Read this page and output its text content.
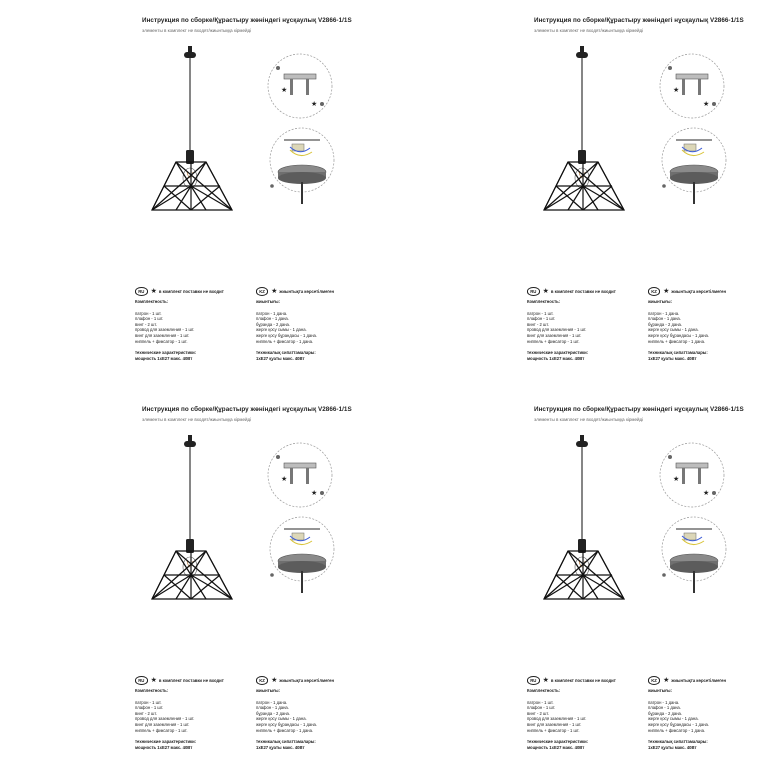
Инструкция по сборке/Құрастыру жөніндегі нұсқаулық V2866-1/1S
элементы в комплект не входят/жиынтыққа кірмейді
★
★
RU ★ в комплект поставки не входит
Комплектность:
патрон - 1 шт.
плафон - 1 шт.
винт - 2 шт.
провод для заземления - 1 шт.
винт для заземления - 1 шт.
ниппель + фиксатор - 1 шт.
технические характеристики:
мощность 1xE27 макс. 40Вт
KZ ★ жиынтықта көрсетілмеген
жиынтығы:
патрон - 1 дана.
плафон - 1 дана.
бұранда - 2 дана.
жерге қосу сымы - 1 дана.
жерге қосу бұрандасы - 1 дана.
ниппель + фиксатор - 1 дана.
техникалық сипаттамалары:
1xE27 қуаты макс. 40Вт
Инструкция по сборке/Құрастыру жөніндегі нұсқаулық V2866-1/1S
элементы в комплект не входят/жиынтыққа кірмейді
★
★
RU ★ в комплект поставки не входит
Комплектность:
патрон - 1 шт.
плафон - 1 шт.
винт - 2 шт.
провод для заземления - 1 шт.
винт для заземления - 1 шт.
ниппель + фиксатор - 1 шт.
технические характеристики:
мощность 1xE27 макс. 40Вт
KZ ★ жиынтықта көрсетілмеген
жиынтығы:
патрон - 1 дана.
плафон - 1 дана.
бұранда - 2 дана.
жерге қосу сымы - 1 дана.
жерге қосу бұрандасы - 1 дана.
ниппель + фиксатор - 1 дана.
техникалық сипаттамалары:
1xE27 қуаты макс. 40Вт
Инструкция по сборке/Құрастыру жөніндегі нұсқаулық V2866-1/1S
элементы в комплект не входят/жиынтыққа кірмейді
★
★
RU ★ в комплект поставки не входит
Комплектность:
патрон - 1 шт.
плафон - 1 шт.
винт - 2 шт.
провод для заземления - 1 шт.
винт для заземления - 1 шт.
ниппель + фиксатор - 1 шт.
технические характеристики:
мощность 1xE27 макс. 40Вт
KZ ★ жиынтықта көрсетілмеген
жиынтығы:
патрон - 1 дана.
плафон - 1 дана.
бұранда - 2 дана.
жерге қосу сымы - 1 дана.
жерге қосу бұрандасы - 1 дана.
ниппель + фиксатор - 1 дана.
техникалық сипаттамалары:
1xE27 қуаты макс. 40Вт
Инструкция по сборке/Құрастыру жөніндегі нұсқаулық V2866-1/1S
элементы в комплект не входят/жиынтыққа кірмейді
★
★
RU ★ в комплект поставки не входит
Комплектность:
патрон - 1 шт.
плафон - 1 шт.
винт - 2 шт.
провод для заземления - 1 шт.
винт для заземления - 1 шт.
ниппель + фиксатор - 1 шт.
технические характеристики:
мощность 1xE27 макс. 40Вт
KZ ★ жиынтықта көрсетілмеген
жиынтығы:
патрон - 1 дана.
плафон - 1 дана.
бұранда - 2 дана.
жерге қосу сымы - 1 дана.
жерге қосу бұрандасы - 1 дана.
ниппель + фиксатор - 1 дана.
техникалық сипаттамалары:
1xE27 қуаты макс. 40Вт
